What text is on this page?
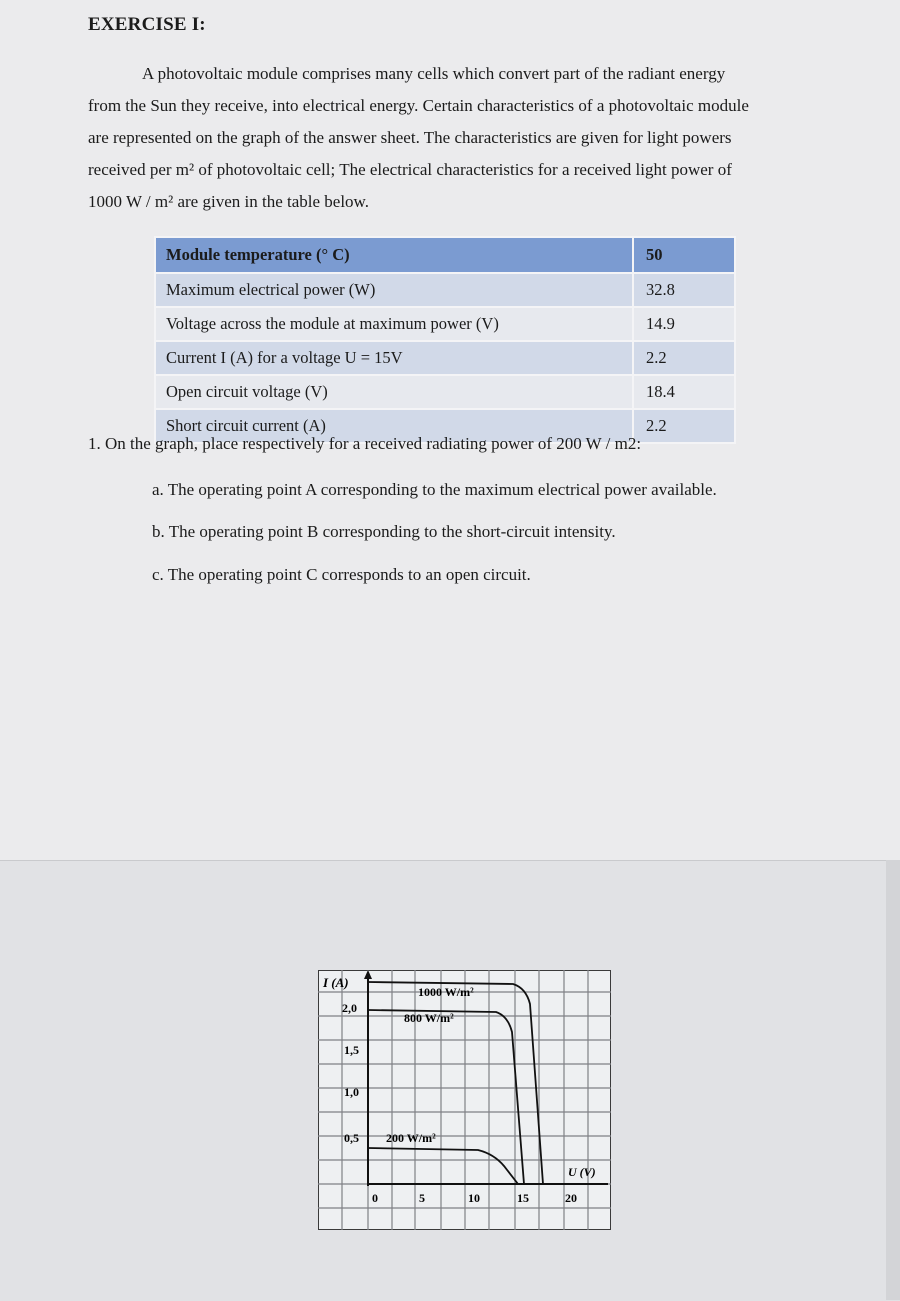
EXERCISE I:
A photovoltaic module comprises many cells which convert part of the radiant energy
from the Sun they receive, into electrical energy. Certain characteristics of a photovoltaic module
are represented on the graph of the answer sheet. The characteristics are given for light powers
received per m² of photovoltaic cell; The electrical characteristics for a received light power of
1000 W / m² are given in the table below.
Module temperature (° C)	50
Maximum electrical power (W)	32.8
Voltage across the module at maximum power (V)	14.9
Current I (A) for a voltage U = 15V	2.2
Open circuit voltage (V)	18.4
Short circuit current (A)	2.2
1. On the graph, place respectively for a received radiating power of 200 W / m2:
a. The operating point A corresponding to the maximum electrical power available.
b. The operating point B corresponding to the short-circuit intensity.
c. The operating point C corresponds to an open circuit.
I (A)
U (V)
2,0
1,5
1,0
0,5
0	5	10	15	20
1000 W/m²
800 W/m²
200 W/m²
